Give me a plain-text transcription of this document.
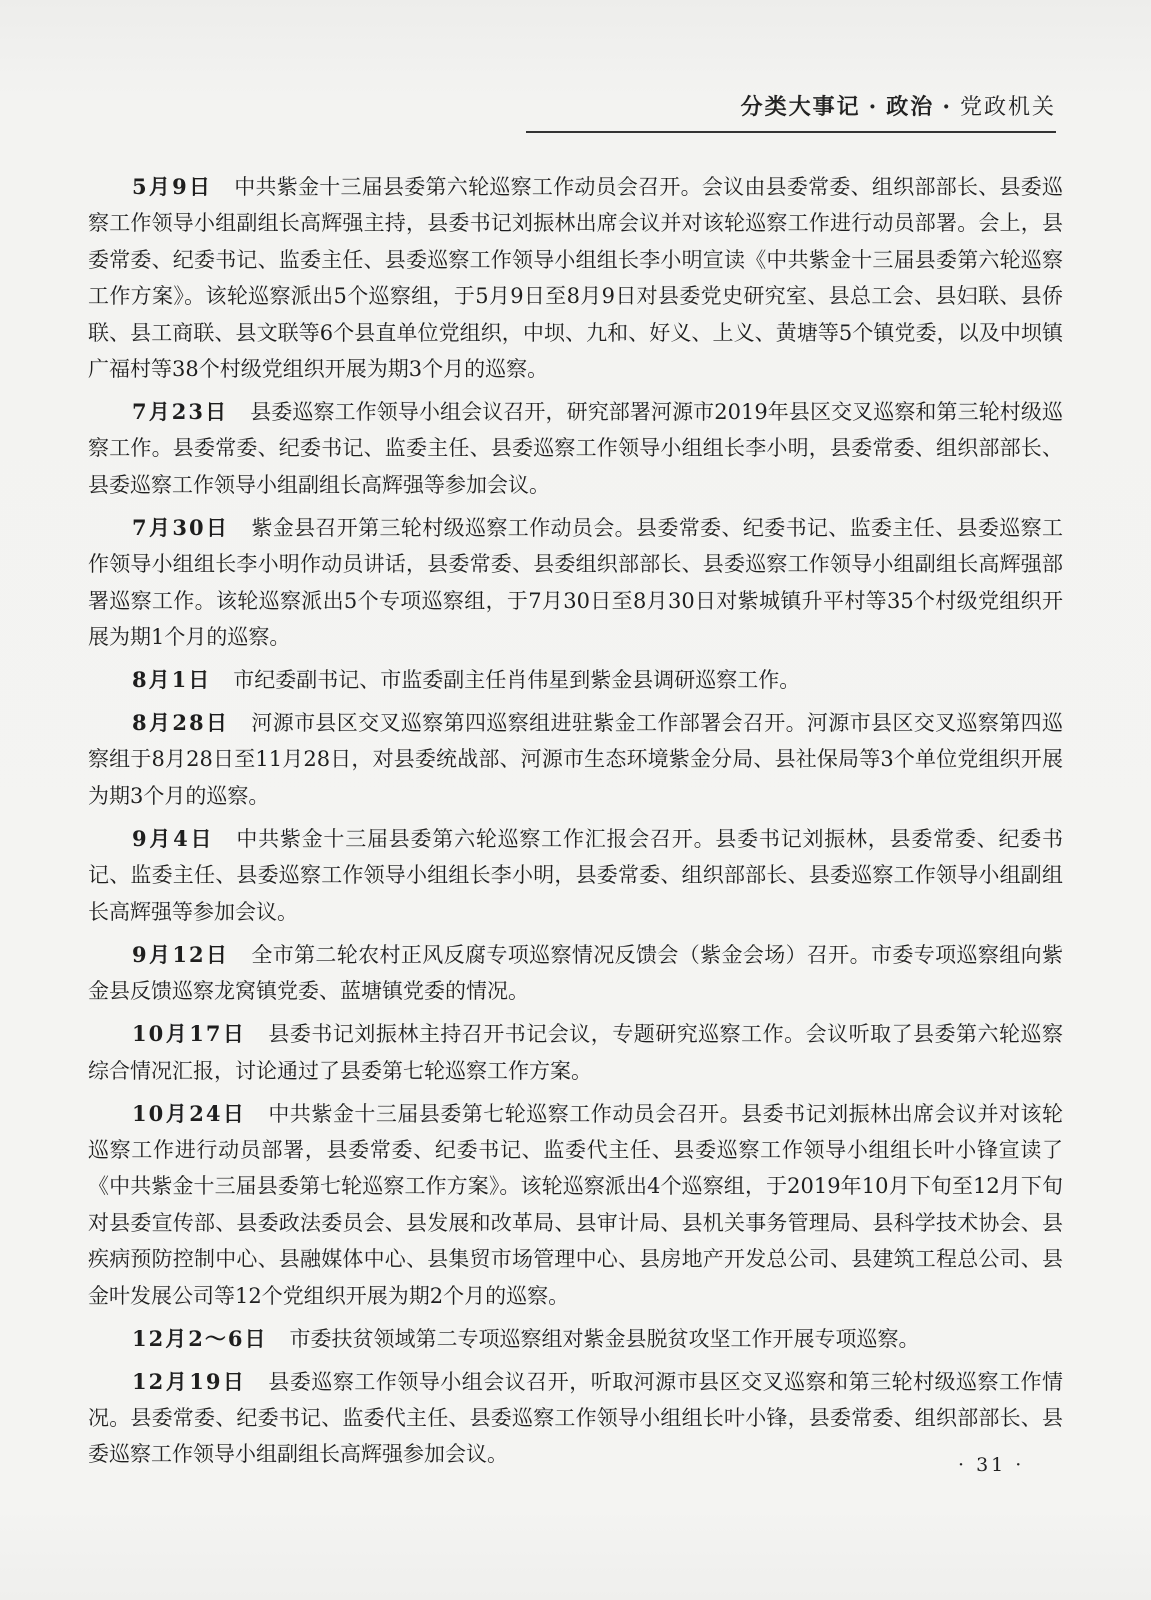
分类大事记 · 政治 · 党政机关

5月9日 中共紫金十三届县委第六轮巡察工作动员会召开。会议由县委常委、组织部部长、县委巡察工作领导小组副组长高辉强主持，县委书记刘振林出席会议并对该轮巡察工作进行动员部署。会上，县委常委、纪委书记、监委主任、县委巡察工作领导小组组长李小明宣读《中共紫金十三届县委第六轮巡察工作方案》。该轮巡察派出5个巡察组，于5月9日至8月9日对县委党史研究室、县总工会、县妇联、县侨联、县工商联、县文联等6个县直单位党组织，中坝、九和、好义、上义、黄塘等5个镇党委，以及中坝镇广福村等38个村级党组织开展为期3个月的巡察。

7月23日 县委巡察工作领导小组会议召开，研究部署河源市2019年县区交叉巡察和第三轮村级巡察工作。县委常委、纪委书记、监委主任、县委巡察工作领导小组组长李小明，县委常委、组织部部长、县委巡察工作领导小组副组长高辉强等参加会议。

7月30日 紫金县召开第三轮村级巡察工作动员会。县委常委、纪委书记、监委主任、县委巡察工作领导小组组长李小明作动员讲话，县委常委、县委组织部部长、县委巡察工作领导小组副组长高辉强部署巡察工作。该轮巡察派出5个专项巡察组，于7月30日至8月30日对紫城镇升平村等35个村级党组织开展为期1个月的巡察。

8月1日 市纪委副书记、市监委副主任肖伟星到紫金县调研巡察工作。

8月28日 河源市县区交叉巡察第四巡察组进驻紫金工作部署会召开。河源市县区交叉巡察第四巡察组于8月28日至11月28日，对县委统战部、河源市生态环境紫金分局、县社保局等3个单位党组织开展为期3个月的巡察。

9月4日 中共紫金十三届县委第六轮巡察工作汇报会召开。县委书记刘振林，县委常委、纪委书记、监委主任、县委巡察工作领导小组组长李小明，县委常委、组织部部长、县委巡察工作领导小组副组长高辉强等参加会议。

9月12日 全市第二轮农村正风反腐专项巡察情况反馈会（紫金会场）召开。市委专项巡察组向紫金县反馈巡察龙窝镇党委、蓝塘镇党委的情况。

10月17日 县委书记刘振林主持召开书记会议，专题研究巡察工作。会议听取了县委第六轮巡察综合情况汇报，讨论通过了县委第七轮巡察工作方案。

10月24日 中共紫金十三届县委第七轮巡察工作动员会召开。县委书记刘振林出席会议并对该轮巡察工作进行动员部署，县委常委、纪委书记、监委代主任、县委巡察工作领导小组组长叶小锋宣读了《中共紫金十三届县委第七轮巡察工作方案》。该轮巡察派出4个巡察组，于2019年10月下旬至12月下旬对县委宣传部、县委政法委员会、县发展和改革局、县审计局、县机关事务管理局、县科学技术协会、县疾病预防控制中心、县融媒体中心、县集贸市场管理中心、县房地产开发总公司、县建筑工程总公司、县金叶发展公司等12个党组织开展为期2个月的巡察。

12月2～6日 市委扶贫领域第二专项巡察组对紫金县脱贫攻坚工作开展专项巡察。

12月19日 县委巡察工作领导小组会议召开，听取河源市县区交叉巡察和第三轮村级巡察工作情况。县委常委、纪委书记、监委代主任、县委巡察工作领导小组组长叶小锋，县委常委、组织部部长、县委巡察工作领导小组副组长高辉强参加会议。	· 31 ·
